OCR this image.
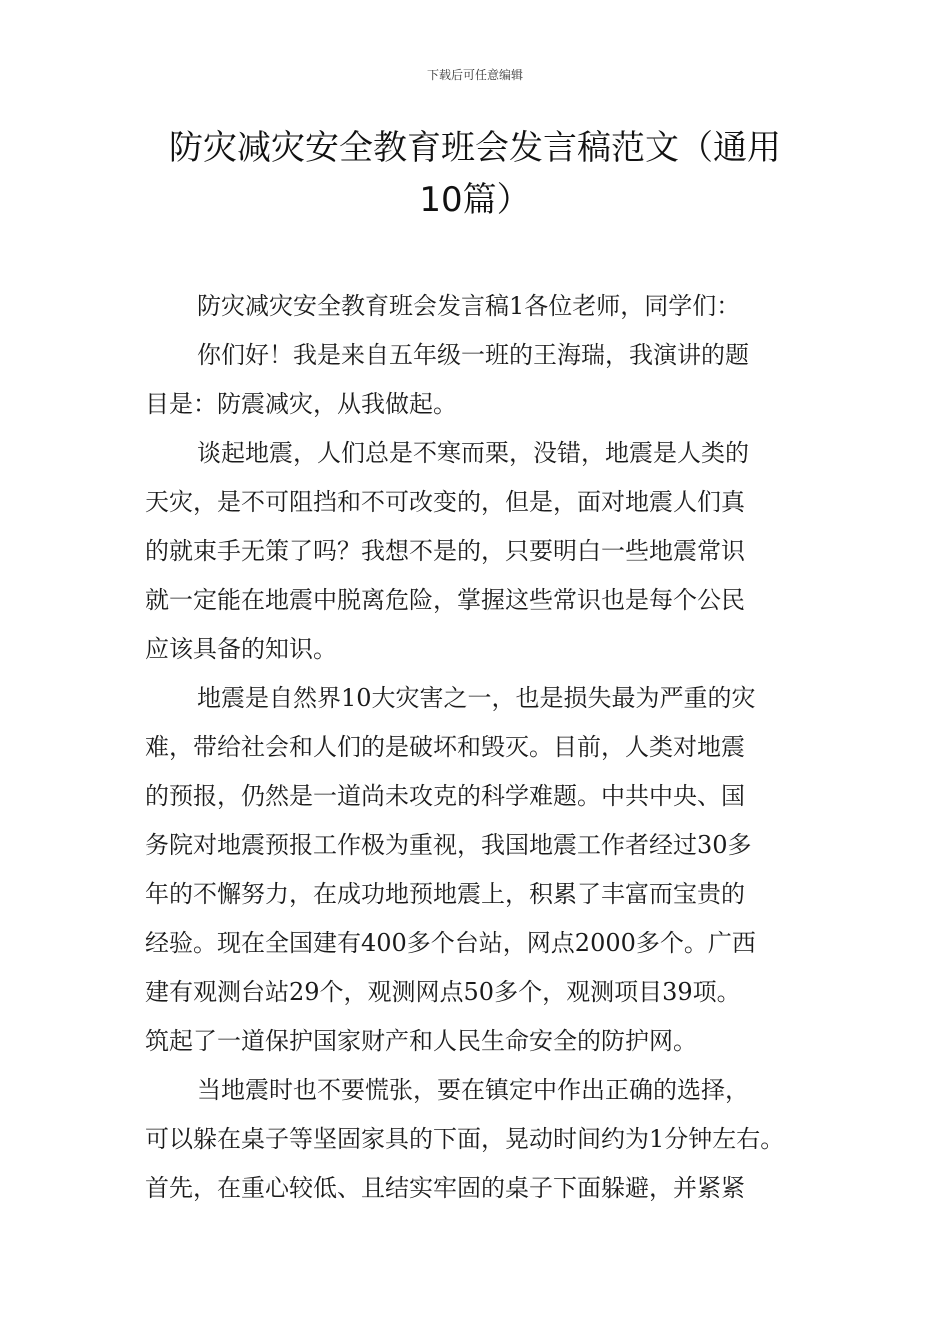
下载后可任意编辑
防灾减灾安全教育班会发言稿范文（通用
10篇）
防灾减灾安全教育班会发言稿1各位老师，同学们：
你们好！我是来自五年级一班的王海瑞，我演讲的题
目是：防震减灾，从我做起。
谈起地震，人们总是不寒而栗，没错，地震是人类的
天灾，是不可阻挡和不可改变的，但是，面对地震人们真
的就束手无策了吗？我想不是的，只要明白一些地震常识
就一定能在地震中脱离危险，掌握这些常识也是每个公民
应该具备的知识。
地震是自然界10大灾害之一，也是损失最为严重的灾
难，带给社会和人们的是破坏和毁灭。目前，人类对地震
的预报，仍然是一道尚未攻克的科学难题。中共中央、国
务院对地震预报工作极为重视，我国地震工作者经过30多
年的不懈努力，在成功地预地震上，积累了丰富而宝贵的
经验。现在全国建有400多个台站，网点2000多个。广西
建有观测台站29个，观测网点50多个，观测项目39项。
筑起了一道保护国家财产和人民生命安全的防护网。
当地震时也不要慌张，要在镇定中作出正确的选择，
可以躲在桌子等坚固家具的下面，晃动时间约为1分钟左右。
首先，在重心较低、且结实牢固的桌子下面躲避，并紧紧
